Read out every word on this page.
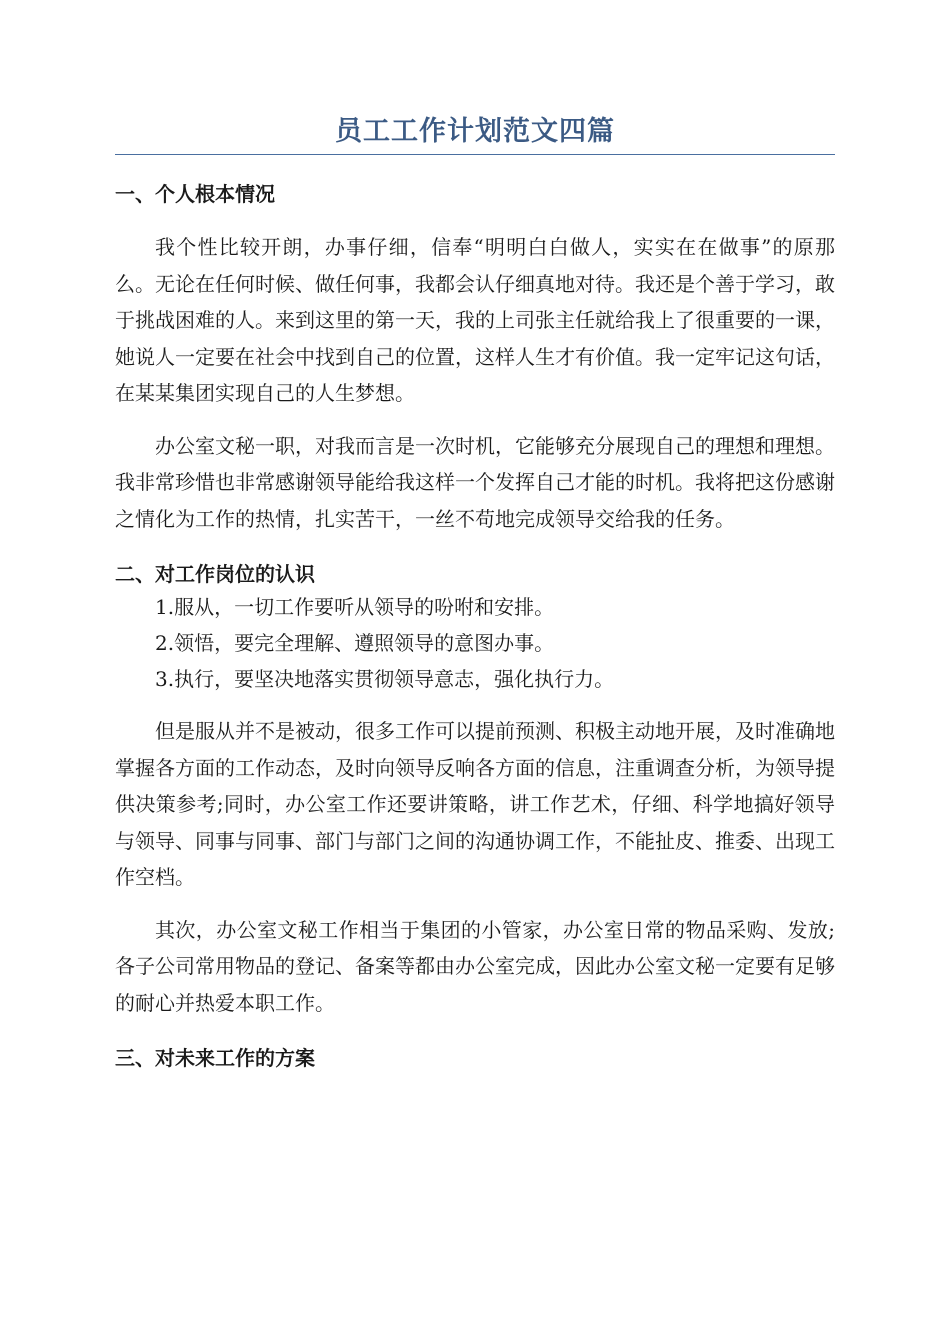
员工工作计划范文四篇
一、个人根本情况

我个性比较开朗，办事仔细，信奉“明明白白做人，实实在在做事”的原那么。无论在任何时候、做任何事，我都会认仔细真地对待。我还是个善于学习，敢于挑战困难的人。来到这里的第一天，我的上司张主任就给我上了很重要的一课，她说人一定要在社会中找到自己的位置，这样人生才有价值。我一定牢记这句话，在某某集团实现自己的人生梦想。

办公室文秘一职，对我而言是一次时机，它能够充分展现自己的理想和理想。我非常珍惜也非常感谢领导能给我这样一个发挥自己才能的时机。我将把这份感谢之情化为工作的热情，扎实苦干，一丝不苟地完成领导交给我的任务。

二、对工作岗位的认识

1.服从，一切工作要听从领导的吩咐和安排。

2.领悟，要完全理解、遵照领导的意图办事。

3.执行，要坚决地落实贯彻领导意志，强化执行力。

但是服从并不是被动，很多工作可以提前预测、积极主动地开展，及时准确地掌握各方面的工作动态，及时向领导反响各方面的信息，注重调查分析，为领导提供决策参考;同时，办公室工作还要讲策略，讲工作艺术，仔细、科学地搞好领导与领导、同事与同事、部门与部门之间的沟通协调工作，不能扯皮、推委、出现工作空档。

其次，办公室文秘工作相当于集团的小管家，办公室日常的物品采购、发放;各子公司常用物品的登记、备案等都由办公室完成，因此办公室文秘一定要有足够的耐心并热爱本职工作。

三、对未来工作的方案
